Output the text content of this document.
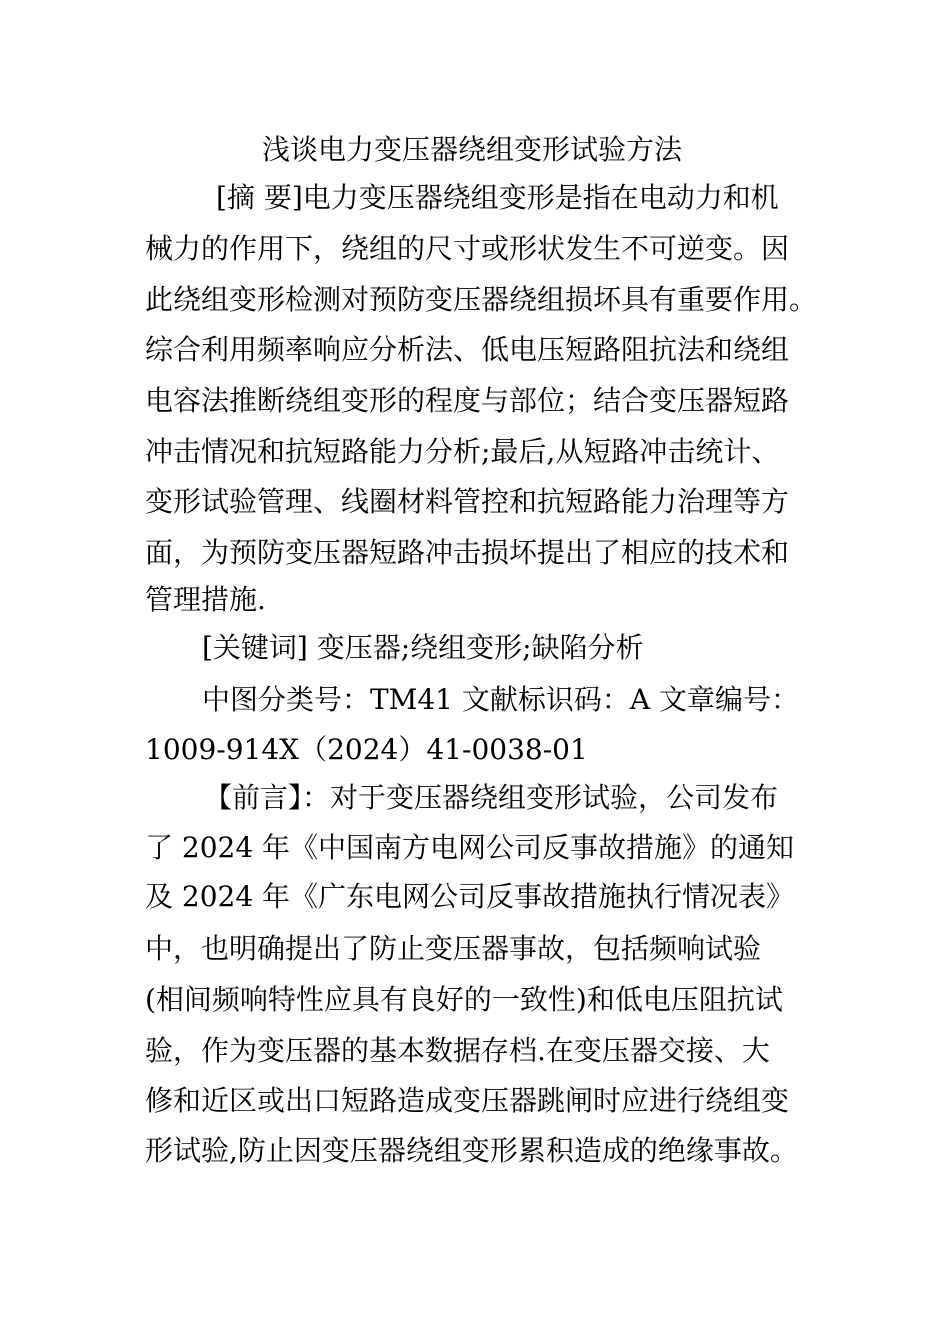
浅谈电力变压器绕组变形试验方法

[摘 要]电力变压器绕组变形是指在电动力和机

械力的作用下，绕组的尺寸或形状发生不可逆变。因

此绕组变形检测对预防变压器绕组损坏具有重要作用。

综合利用频率响应分析法、低电压短路阻抗法和绕组

电容法推断绕组变形的程度与部位；结合变压器短路

冲击情况和抗短路能力分析;最后,从短路冲击统计、

变形试验管理、线圈材料管控和抗短路能力治理等方

面，为预防变压器短路冲击损坏提出了相应的技术和

管理措施.

[关键词] 变压器;绕组变形;缺陷分析

中图分类号：TM41 文献标识码：A 文章编号：

1009-914X（2024）41-0038-01

【前言】：对于变压器绕组变形试验，公司发布

了 2024 年《中国南方电网公司反事故措施》的通知

及 2024 年《广东电网公司反事故措施执行情况表》

中，也明确提出了防止变压器事故，包括频响试验

(相间频响特性应具有良好的一致性)和低电压阻抗试

验，作为变压器的基本数据存档.在变压器交接、大

修和近区或出口短路造成变压器跳闸时应进行绕组变

形试验,防止因变压器绕组变形累积造成的绝缘事故。
